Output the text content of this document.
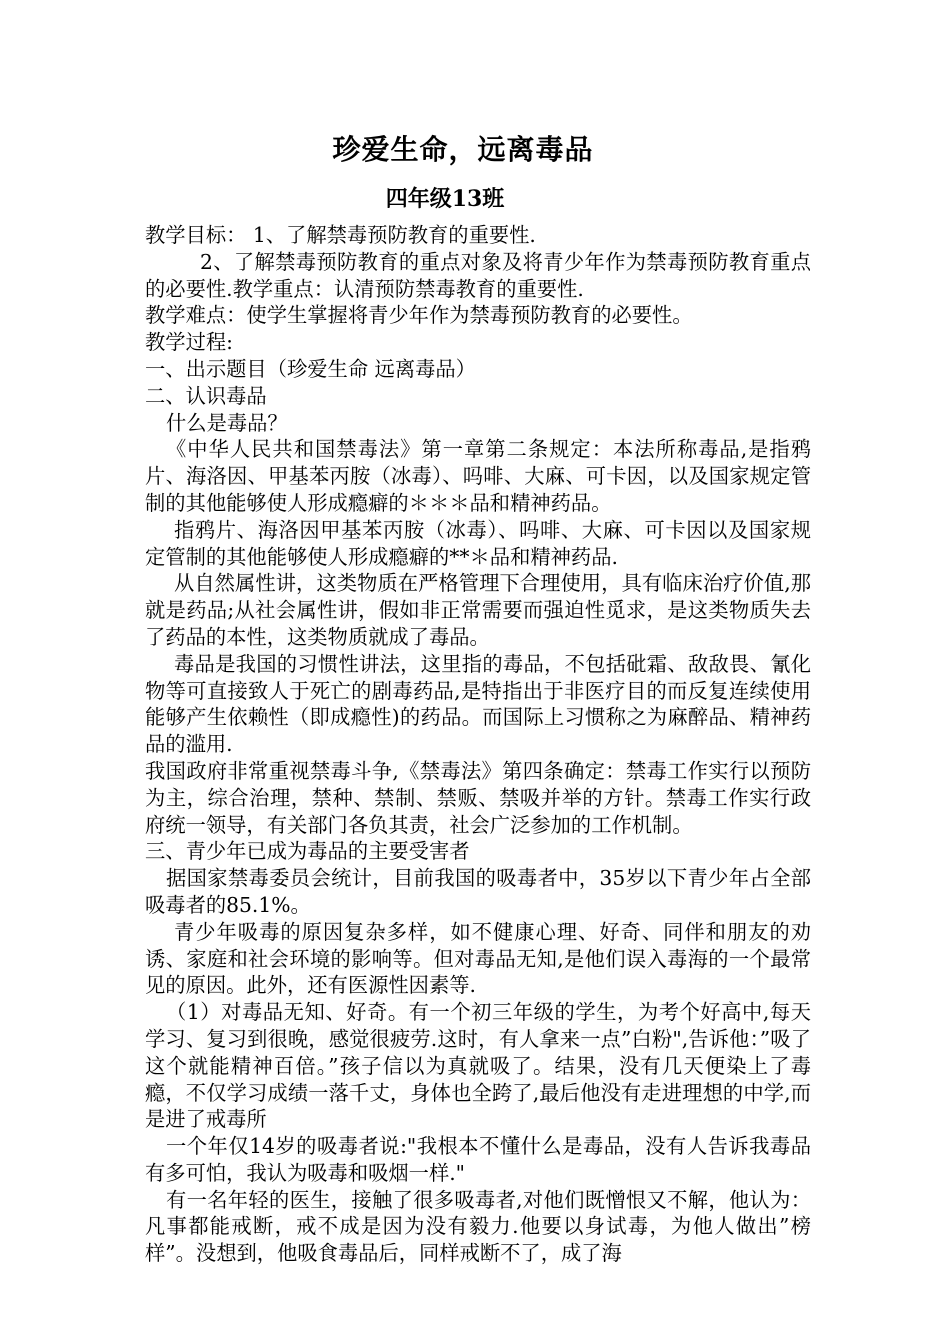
珍爱生命，远离毒品
四年级13班

教学目标： 1、了解禁毒预防教育的重要性.

2、了解禁毒预防教育的重点对象及将青少年作为禁毒预防教育重点的必要性.教学重点：认清预防禁毒教育的重要性.

教学难点：使学生掌握将青少年作为禁毒预防教育的必要性。

教学过程:

一、出示题目（珍爱生命 远离毒品）

二、认识毒品

什么是毒品？

《中华人民共和国禁毒法》第一章第二条规定：本法所称毒品,是指鸦片、海洛因、甲基苯丙胺（冰毒）、吗啡、大麻、可卡因，以及国家规定管制的其他能够使人形成瘾癖的＊＊＊品和精神药品。

指鸦片、海洛因甲基苯丙胺（冰毒）、吗啡、大麻、可卡因以及国家规定管制的其他能够使人形成瘾癖的**＊品和精神药品.

从自然属性讲，这类物质在严格管理下合理使用，具有临床治疗价值,那就是药品;从社会属性讲，假如非正常需要而强迫性觅求，是这类物质失去了药品的本性，这类物质就成了毒品。

毒品是我国的习惯性讲法，这里指的毒品，不包括砒霜、敌敌畏、氰化物等可直接致人于死亡的剧毒药品,是特指出于非医疗目的而反复连续使用能够产生依赖性（即成瘾性)的药品。而国际上习惯称之为麻醉品、精神药品的滥用.

我国政府非常重视禁毒斗争,《禁毒法》第四条确定：禁毒工作实行以预防为主，综合治理，禁种、禁制、禁贩、禁吸并举的方针。禁毒工作实行政府统一领导，有关部门各负其责，社会广泛参加的工作机制。

三、青少年已成为毒品的主要受害者

据国家禁毒委员会统计，目前我国的吸毒者中，35岁以下青少年占全部吸毒者的85.1%。

青少年吸毒的原因复杂多样，如不健康心理、好奇、同伴和朋友的劝诱、家庭和社会环境的影响等。但对毒品无知,是他们误入毒海的一个最常见的原因。此外，还有医源性因素等.

（1）对毒品无知、好奇。有一个初三年级的学生，为考个好高中,每天学习、复习到很晚，感觉很疲劳.这时，有人拿来一点”白粉",告诉他：”吸了这个就能精神百倍。”孩子信以为真就吸了。结果，没有几天便染上了毒瘾，不仅学习成绩一落千丈，身体也全跨了,最后他没有走进理想的中学,而是进了戒毒所

一个年仅14岁的吸毒者说:"我根本不懂什么是毒品，没有人告诉我毒品有多可怕，我认为吸毒和吸烟一样."

有一名年轻的医生，接触了很多吸毒者,对他们既憎恨又不解，他认为：凡事都能戒断，戒不成是因为没有毅力.他要以身试毒，为他人做出”榜样”。没想到，他吸食毒品后，同样戒断不了，成了海
